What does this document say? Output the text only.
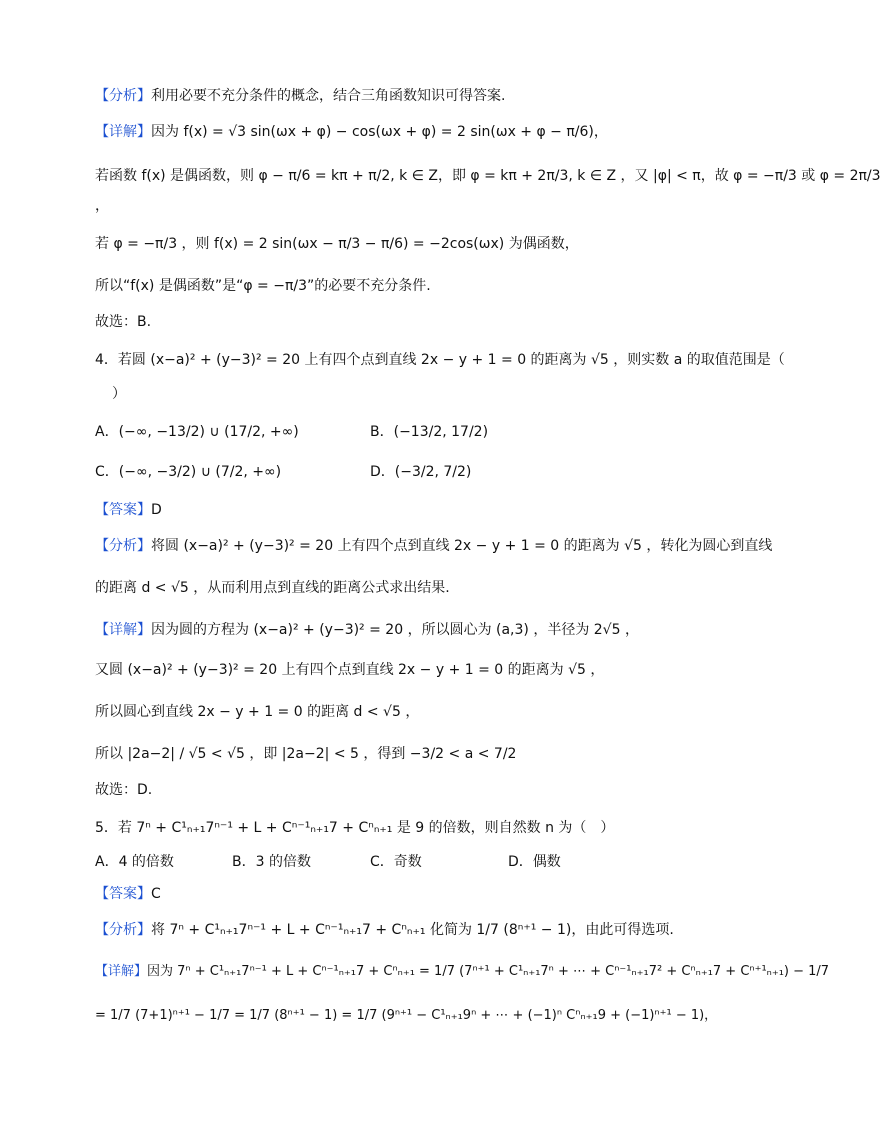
【分析】利用必要不充分条件的概念，结合三角函数知识可得答案.
【详解】因为 f(x) = √3 sin(ωx + φ) − cos(ωx + φ) = 2 sin(ωx + φ − π/6)，
若函数 f(x) 是偶函数，则 φ − π/6 = kπ + π/2, k ∈ Z，即 φ = kπ + 2π/3, k ∈ Z ，又 |φ| < π，故 φ = −π/3 或 φ = 2π/3
，
若 φ = −π/3 ，则 f(x) = 2 sin(ωx − π/3 − π/6) = −2cos(ωx) 为偶函数，
所以“f(x) 是偶函数”是“φ = −π/3”的必要不充分条件.
故选：B.
4．若圆 (x−a)² + (y−3)² = 20 上有四个点到直线 2x − y + 1 = 0 的距离为 √5 ，则实数 a 的取值范围是（
）
A．(−∞, −13/2) ∪ (17/2, +∞)	B．(−13/2, 17/2)
C．(−∞, −3/2) ∪ (7/2, +∞)	D．(−3/2, 7/2)
【答案】D
【分析】将圆 (x−a)² + (y−3)² = 20 上有四个点到直线 2x − y + 1 = 0 的距离为 √5 ，转化为圆心到直线
的距离 d < √5 ，从而利用点到直线的距离公式求出结果.
【详解】因为圆的方程为 (x−a)² + (y−3)² = 20 ，所以圆心为 (a,3) ，半径为 2√5 ，
又圆 (x−a)² + (y−3)² = 20 上有四个点到直线 2x − y + 1 = 0 的距离为 √5 ，
所以圆心到直线 2x − y + 1 = 0 的距离 d < √5 ，
所以 |2a−2| / √5 < √5 ，即 |2a−2| < 5 ，得到 −3/2 < a < 7/2
故选：D.
5．若 7ⁿ + C¹ₙ₊₁7ⁿ⁻¹ + L + Cⁿ⁻¹ₙ₊₁7 + Cⁿₙ₊₁ 是 9 的倍数，则自然数 n 为（　）
A．4 的倍数	B．3 的倍数	C．奇数	D．偶数
【答案】C
【分析】将 7ⁿ + C¹ₙ₊₁7ⁿ⁻¹ + L + Cⁿ⁻¹ₙ₊₁7 + Cⁿₙ₊₁ 化简为 1/7 (8ⁿ⁺¹ − 1)，由此可得选项.
【详解】因为 7ⁿ + C¹ₙ₊₁7ⁿ⁻¹ + L + Cⁿ⁻¹ₙ₊₁7 + Cⁿₙ₊₁ = 1/7 (7ⁿ⁺¹ + C¹ₙ₊₁7ⁿ + ⋯ + Cⁿ⁻¹ₙ₊₁7² + Cⁿₙ₊₁7 + Cⁿ⁺¹ₙ₊₁) − 1/7
= 1/7 (7+1)ⁿ⁺¹ − 1/7 = 1/7 (8ⁿ⁺¹ − 1) = 1/7 (9ⁿ⁺¹ − C¹ₙ₊₁9ⁿ + ⋯ + (−1)ⁿ Cⁿₙ₊₁9 + (−1)ⁿ⁺¹ − 1)，
